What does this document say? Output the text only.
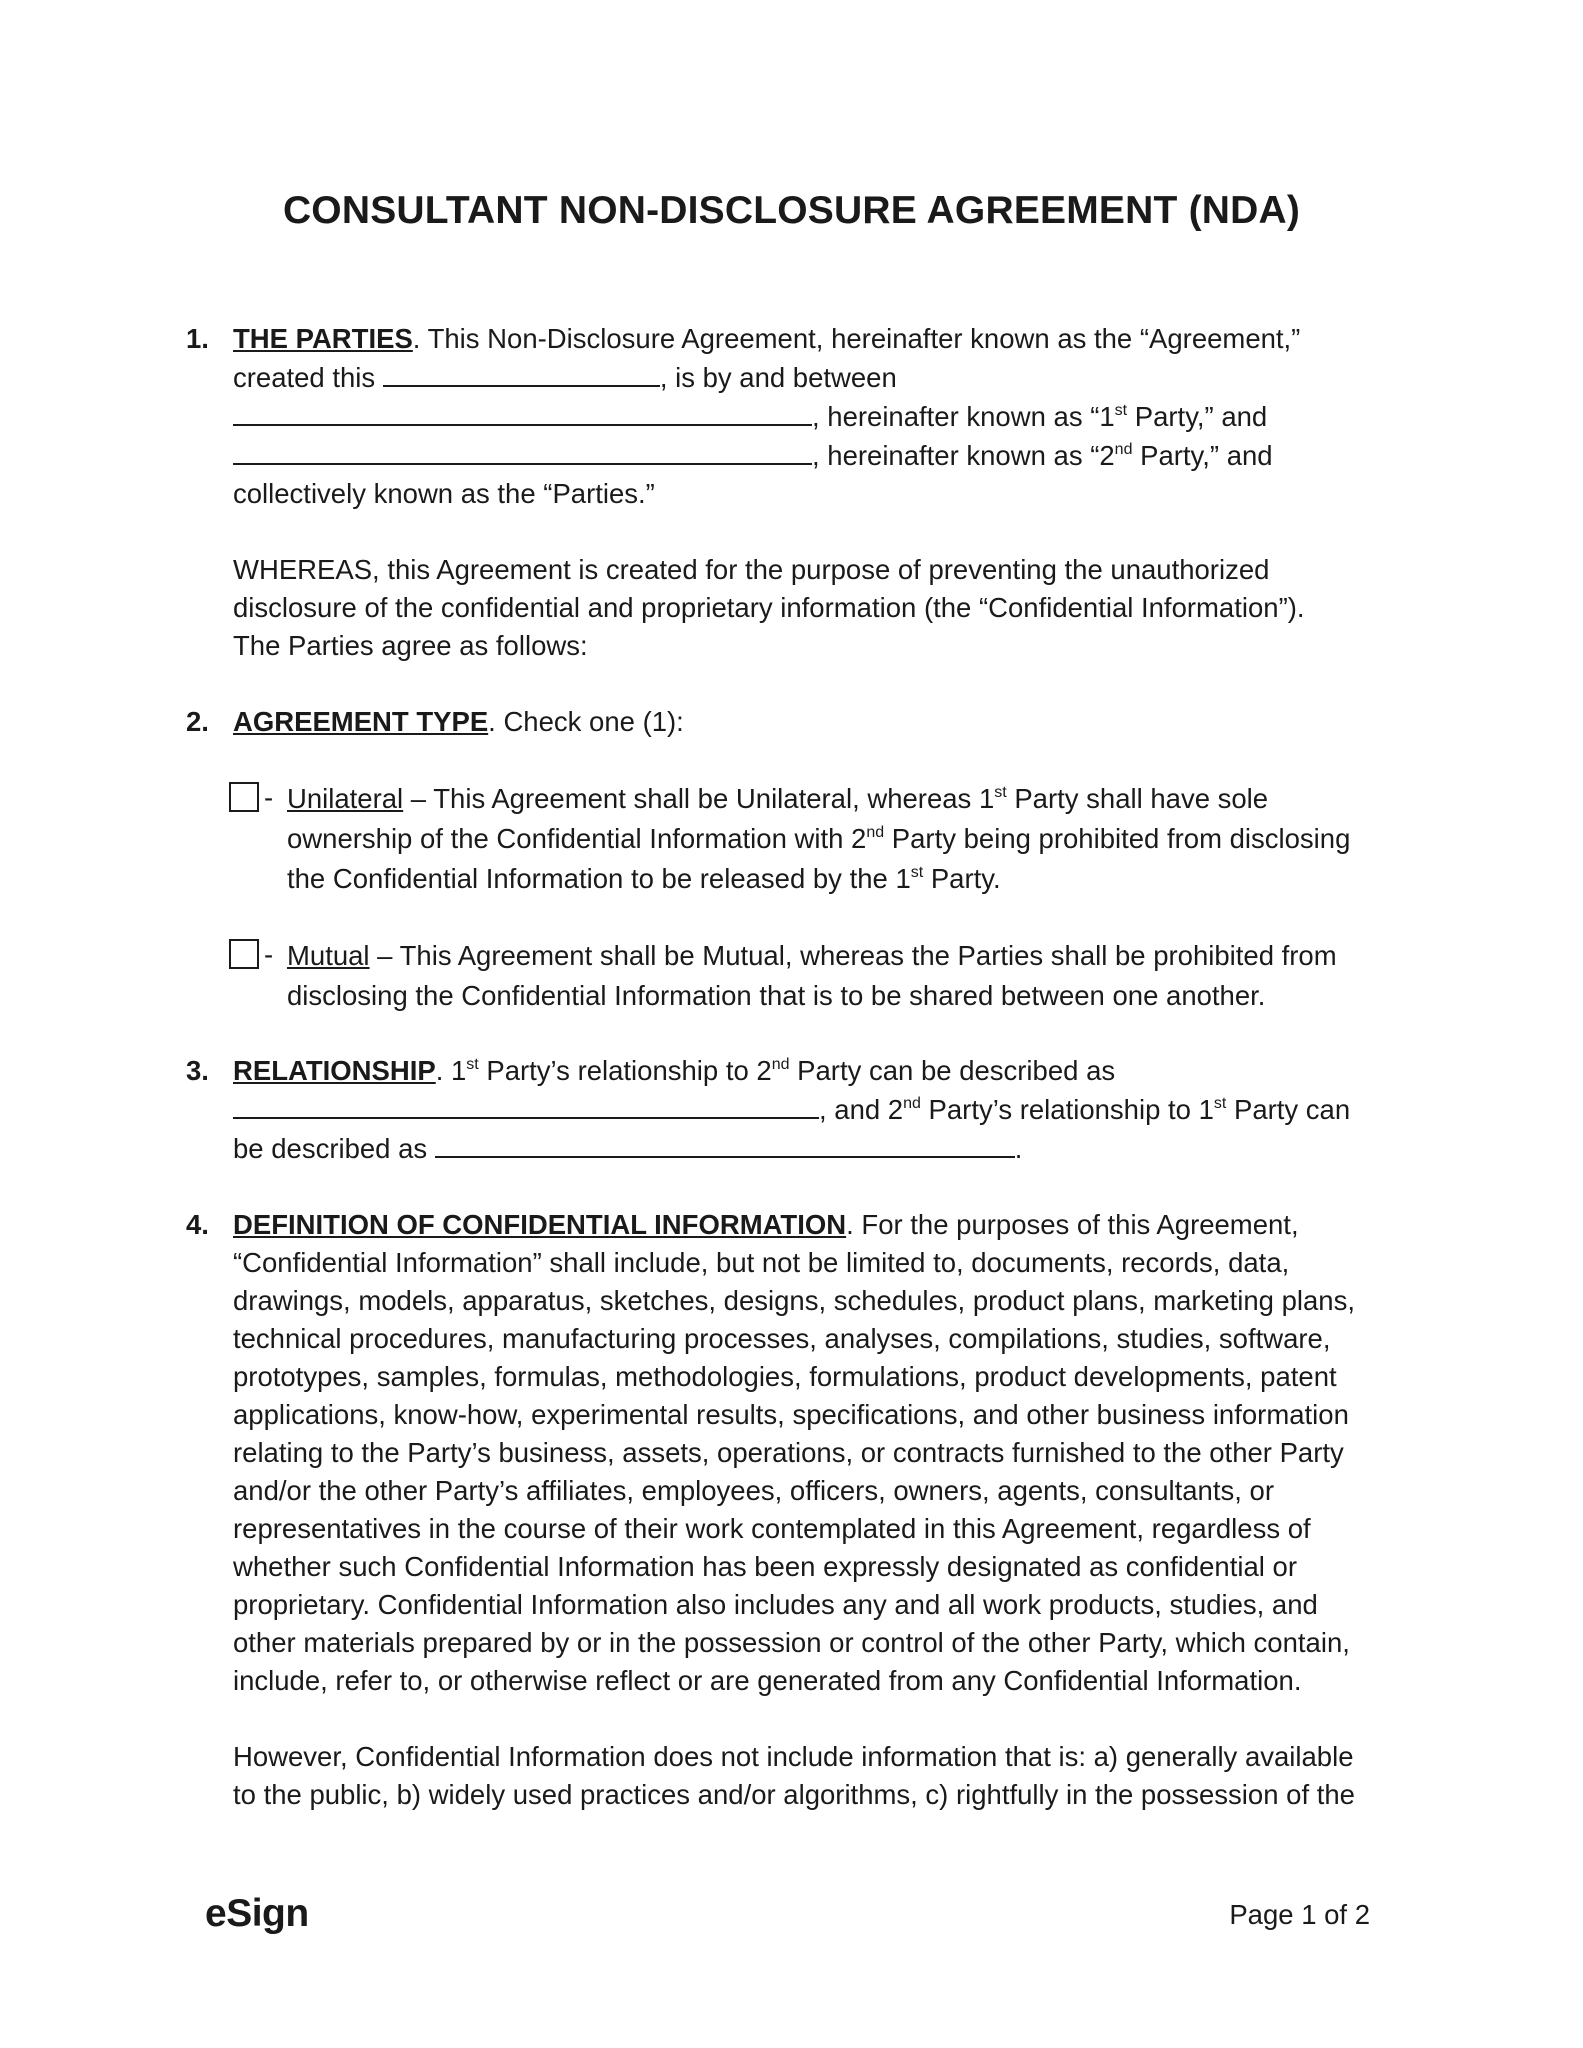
CONSULTANT NON-DISCLOSURE AGREEMENT (NDA)
1. THE PARTIES. This Non-Disclosure Agreement, hereinafter known as the “Agreement,”
created this	, is by and between
, hereinafter known as “1st Party,” and
, hereinafter known as “2nd Party,” and
collectively known as the “Parties.”
WHEREAS, this Agreement is created for the purpose of preventing the unauthorized
disclosure of the confidential and proprietary information (the “Confidential Information”).
The Parties agree as follows:
2. AGREEMENT TYPE. Check one (1):
- Unilateral – This Agreement shall be Unilateral, whereas 1st Party shall have sole
ownership of the Confidential Information with 2nd Party being prohibited from disclosing
the Confidential Information to be released by the 1st Party.
- Mutual – This Agreement shall be Mutual, whereas the Parties shall be prohibited from
disclosing the Confidential Information that is to be shared between one another.
3. RELATIONSHIP. 1st Party’s relationship to 2nd Party can be described as
, and 2nd Party’s relationship to 1st Party can
be described as	.
4. DEFINITION OF CONFIDENTIAL INFORMATION. For the purposes of this Agreement,
“Confidential Information” shall include, but not be limited to, documents, records, data,
drawings, models, apparatus, sketches, designs, schedules, product plans, marketing plans,
technical procedures, manufacturing processes, analyses, compilations, studies, software,
prototypes, samples, formulas, methodologies, formulations, product developments, patent
applications, know-how, experimental results, specifications, and other business information
relating to the Party’s business, assets, operations, or contracts furnished to the other Party
and/or the other Party’s affiliates, employees, officers, owners, agents, consultants, or
representatives in the course of their work contemplated in this Agreement, regardless of
whether such Confidential Information has been expressly designated as confidential or
proprietary. Confidential Information also includes any and all work products, studies, and
other materials prepared by or in the possession or control of the other Party, which contain,
include, refer to, or otherwise reflect or are generated from any Confidential Information.
However, Confidential Information does not include information that is: a) generally available
to the public, b) widely used practices and/or algorithms, c) rightfully in the possession of the
eSign	Page 1 of 2
